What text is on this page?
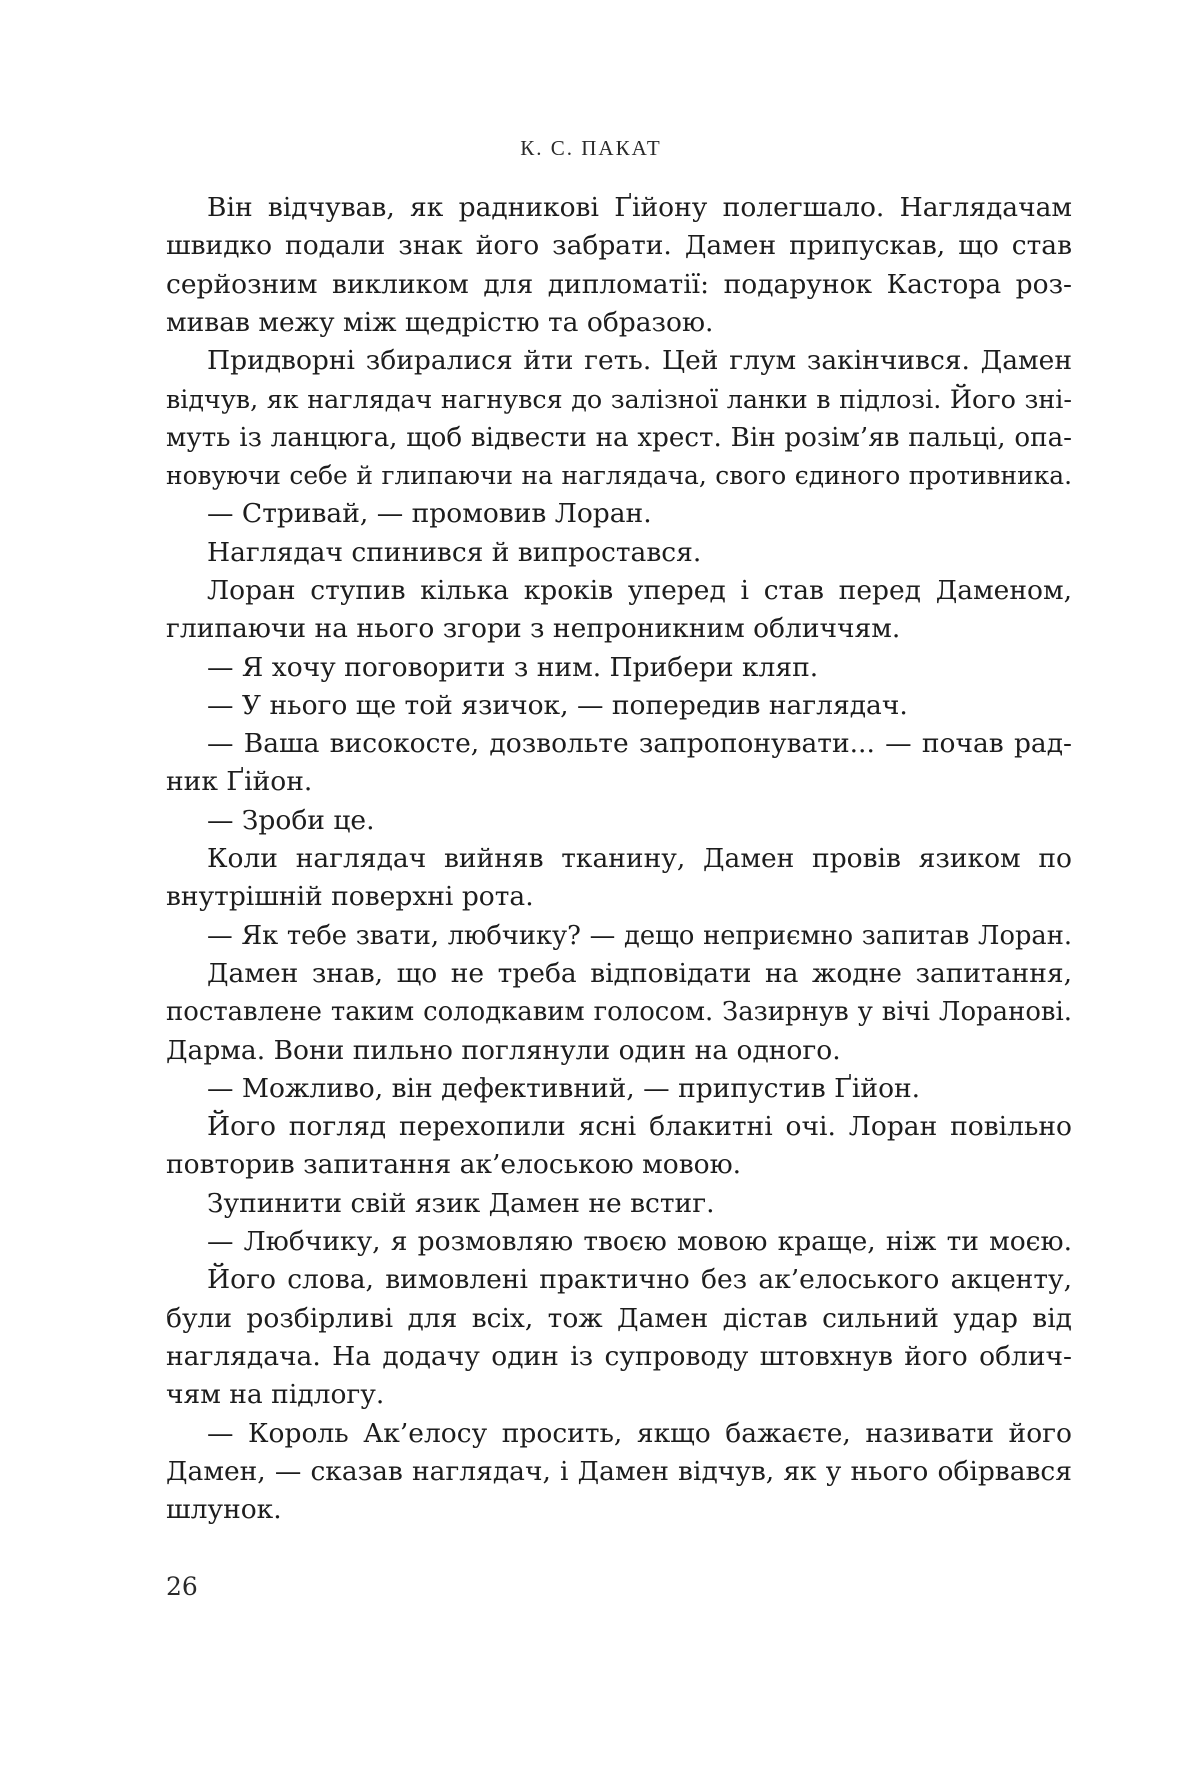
К. С. ПАКАТ
Він відчував, як радникові Ґійону полегшало. Наглядачам
швидко подали знак його забрати. Дамен припускав, що став
серйозним викликом для дипломатії: подарунок Кастора роз-
мивав межу між щедрістю та образою.
Придворні збиралися йти геть. Цей глум закінчився. Дамен
відчув, як наглядач нагнувся до залізної ланки в підлозі. Його зні-
муть із ланцюга, щоб відвести на хрест. Він розім’яв пальці, опа-
новуючи себе й глипаючи на наглядача, свого єдиного противника.
— Стривай, — промовив Лоран.
Наглядач спинився й випростався.
Лоран ступив кілька кроків уперед і став перед Даменом,
глипаючи на нього згори з непроникним обличчям.
— Я хочу поговорити з ним. Прибери кляп.
— У нього ще той язичок, — попередив наглядач.
— Ваша високосте, дозвольте запропонувати... — почав рад-
ник Ґійон.
— Зроби це.
Коли наглядач вийняв тканину, Дамен провів язиком по
внутрішній поверхні рота.
— Як тебе звати, любчику? — дещо неприємно запитав Лоран.
Дамен знав, що не треба відповідати на жодне запитання,
поставлене таким солодкавим голосом. Зазирнув у вічі Лоранові.
Дарма. Вони пильно поглянули один на одного.
— Можливо, він дефективний, — припустив Ґійон.
Його погляд перехопили ясні блакитні очі. Лоран повільно
повторив запитання ак’елоською мовою.
Зупинити свій язик Дамен не встиг.
— Любчику, я розмовляю твоєю мовою краще, ніж ти моєю.
Його слова, вимовлені практично без ак’елоського акценту,
були розбірливі для всіх, тож Дамен дістав сильний удар від
наглядача. На додачу один із супроводу штовхнув його облич-
чям на підлогу.
— Король Ак’елосу просить, якщо бажаєте, називати його
Дамен, — сказав наглядач, і Дамен відчув, як у нього обірвався
шлунок.
26
